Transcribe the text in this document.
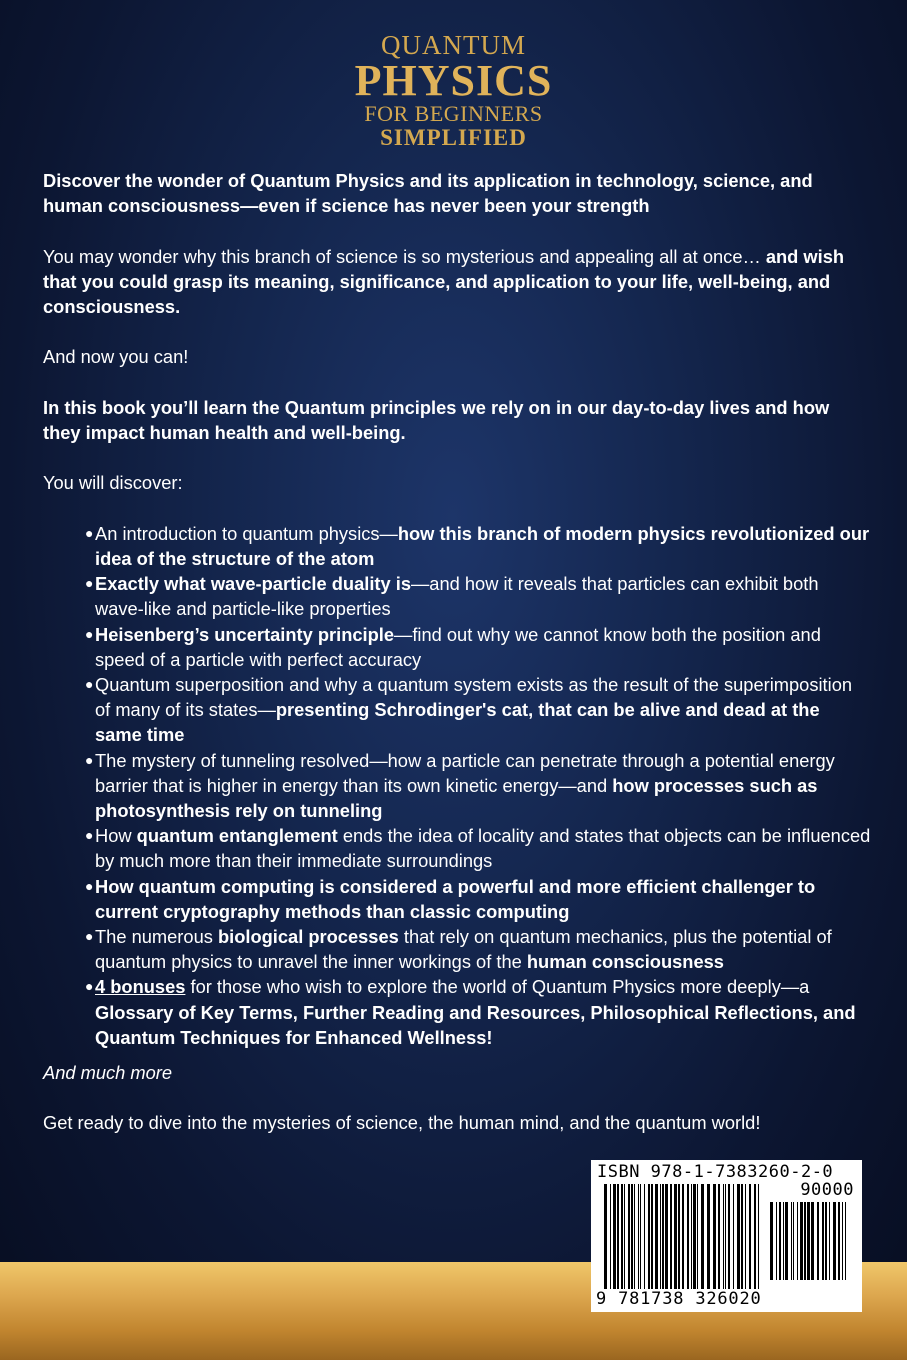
QUANTUM
PHYSICS
FOR BEGINNERS
SIMPLIFIED

Discover the wonder of Quantum Physics and its application in technology, science, and human consciousness—even if science has never been your strength

You may wonder why this branch of science is so mysterious and appealing all at once… and wish that you could grasp its meaning, significance, and application to your life, well-being, and consciousness.

And now you can!

In this book you’ll learn the Quantum principles we rely on in our day-to-day lives and how they impact human health and well-being.

You will discover:

● An introduction to quantum physics—how this branch of modern physics revolutionized our idea of the structure of the atom
● Exactly what wave-particle duality is—and how it reveals that particles can exhibit both wave-like and particle-like properties
● Heisenberg’s uncertainty principle—find out why we cannot know both the position and speed of a particle with perfect accuracy
● Quantum superposition and why a quantum system exists as the result of the superimposition of many of its states—presenting Schrodinger's cat, that can be alive and dead at the same time
● The mystery of tunneling resolved—how a particle can penetrate through a potential energy barrier that is higher in energy than its own kinetic energy—and how processes such as photosynthesis rely on tunneling
● How quantum entanglement ends the idea of locality and states that objects can be influenced by much more than their immediate surroundings
● How quantum computing is considered a powerful and more efficient challenger to current cryptography methods than classic computing
● The numerous biological processes that rely on quantum mechanics, plus the potential of quantum physics to unravel the inner workings of the human consciousness
● 4 bonuses for those who wish to explore the world of Quantum Physics more deeply—a Glossary of Key Terms, Further Reading and Resources, Philosophical Reflections, and Quantum Techniques for Enhanced Wellness!

And much more

Get ready to dive into the mysteries of science, the human mind, and the quantum world!

ISBN 978-1-7383260-2-0
90000
9 781738 326020
